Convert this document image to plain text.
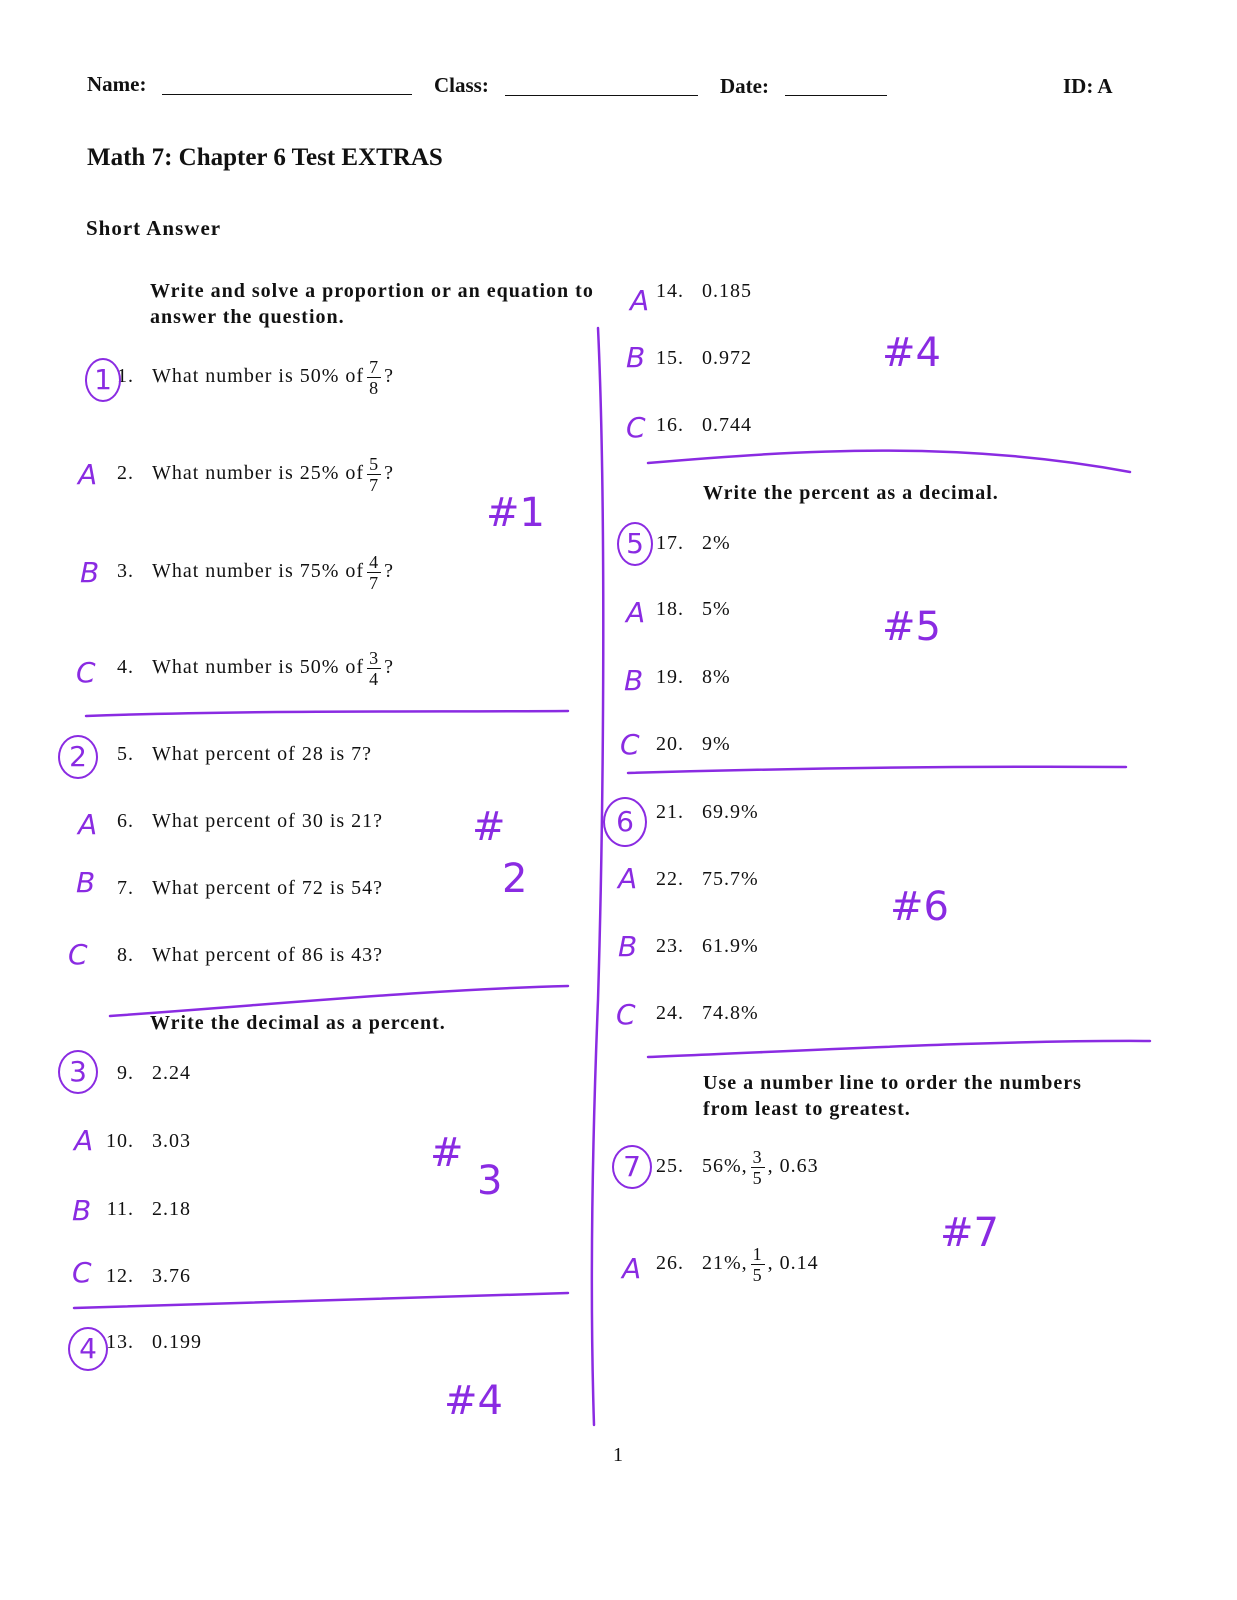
Name:	Class:	Date:	ID: A
Math 7: Chapter 6 Test EXTRAS
Short Answer
Write and solve a proportion or an equation to answer the question.
1. What number is 50% of $\frac{7}{8}$ ?
2. What number is 25% of $\frac{5}{7}$ ?
3. What number is 75% of $\frac{4}{7}$ ?
4. What number is 50% of $\frac{3}{4}$ ?
5. What percent of 28 is 7?
6. What percent of 30 is 21?
7. What percent of 72 is 54?
8. What percent of 86 is 43?
Write the decimal as a percent.
9. 2.24
10. 3.03
11. 2.18
12. 3.76
13. 0.199
14. 0.185
15. 0.972
16. 0.744
Write the percent as a decimal.
17. 2%
18. 5%
19. 8%
20. 9%
21. 69.9%
22. 75.7%
23. 61.9%
24. 74.8%
Use a number line to order the numbers from least to greatest.
25. 56%, $\frac{3}{5}$ , 0.63
26. 21%, $\frac{1}{5}$ , 0.14
1
1
2
3
4
5
6
7
A
B
C
A
B
C
A
B
C
A
B
C
A
B
C
A
B
C
A
#1
#
2
#
3
#4
#4
#5
#6
#7
